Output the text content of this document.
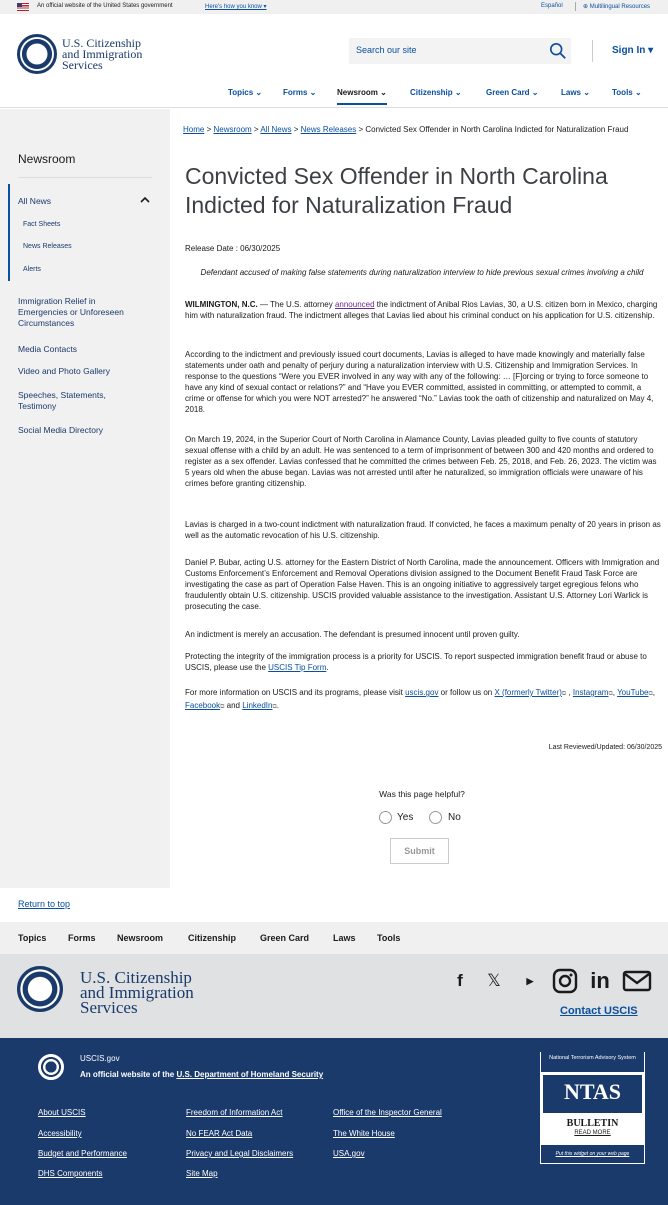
An official website of the United States government	Here's how you know ▾	Español	⊕ Multilingual Resources
U.S. Citizenship
and Immigration
Services
Search our site	Sign In ▾
Topics ⌄	Forms ⌄	Newsroom ⌄	Citizenship ⌄	Green Card ⌄	Laws ⌄	Tools ⌄
Newsroom
All News
Fact Sheets
News Releases
Alerts
Immigration Relief in Emergencies or Unforeseen Circumstances
Media Contacts
Video and Photo Gallery
Speeches, Statements, Testimony
Social Media Directory
Home > Newsroom > All News > News Releases > Convicted Sex Offender in North Carolina Indicted for Naturalization Fraud
Convicted Sex Offender in North Carolina Indicted for Naturalization Fraud
Release Date : 06/30/2025
Defendant accused of making false statements during naturalization interview to hide previous sexual crimes involving a child

WILMINGTON, N.C. — The U.S. attorney announced the indictment of Anibal Rios Lavias, 30, a U.S. citizen born in Mexico, charging him with naturalization fraud. The indictment alleges that Lavias lied about his criminal conduct on his application for U.S. citizenship.

According to the indictment and previously issued court documents, Lavias is alleged to have made knowingly and materially false statements under oath and penalty of perjury during a naturalization interview with U.S. Citizenship and Immigration Services. In response to the questions “Were you EVER involved in any way with any of the following: … [F]orcing or trying to force someone to have any kind of sexual contact or relations?” and “Have you EVER committed, assisted in committing, or attempted to commit, a crime or offense for which you were NOT arrested?” he answered “No.” Lavias took the oath of citizenship and naturalized on May 4, 2018.

On March 19, 2024, in the Superior Court of North Carolina in Alamance County, Lavias pleaded guilty to five counts of statutory sexual offense with a child by an adult. He was sentenced to a term of imprisonment of between 300 and 420 months and ordered to register as a sex offender. Lavias confessed that he committed the crimes between Feb. 25, 2018, and Feb. 26, 2023. The victim was 5 years old when the abuse began. Lavias was not arrested until after he naturalized, so immigration officials were unaware of his crimes before granting citizenship.

Lavias is charged in a two-count indictment with naturalization fraud. If convicted, he faces a maximum penalty of 20 years in prison as well as the automatic revocation of his U.S. citizenship.

Daniel P. Bubar, acting U.S. attorney for the Eastern District of North Carolina, made the announcement. Officers with Immigration and Customs Enforcement’s Enforcement and Removal Operations division assigned to the Document Benefit Fraud Task Force are investigating the case as part of Operation False Haven. This is an ongoing initiative to aggressively target egregious felons who fraudulently obtain U.S. citizenship. USCIS provided valuable assistance to the investigation. Assistant U.S. Attorney Lori Warlick is prosecuting the case.

An indictment is merely an accusation. The defendant is presumed innocent until proven guilty.

Protecting the integrity of the immigration process is a priority for USCIS. To report suspected immigration benefit fraud or abuse to USCIS, please use the USCIS Tip Form.

For more information on USCIS and its programs, please visit uscis.gov or follow us on X (formerly Twitter)⧉ , Instagram⧉, YouTube⧉, Facebook⧉ and LinkedIn⧉.

Last Reviewed/Updated: 06/30/2025
Was this page helpful?
Yes	No
Submit
Return to top
Topics Forms Newsroom	Citizenship	Green Card	Laws Tools
U.S. Citizenship
and Immigration
Services
f	𝕏	▶	in
Contact USCIS
USCIS.gov
An official website of the U.S. Department of Homeland Security
About USCIS
Accessibility
Budget and Performance
DHS Components
Freedom of Information Act
No FEAR Act Data
Privacy and Legal Disclaimers
Site Map
Office of the Inspector General
The White House
USA.gov
National Terrorism Advisory System
NTAS
BULLETIN
READ MORE
Put this widget on your web page
